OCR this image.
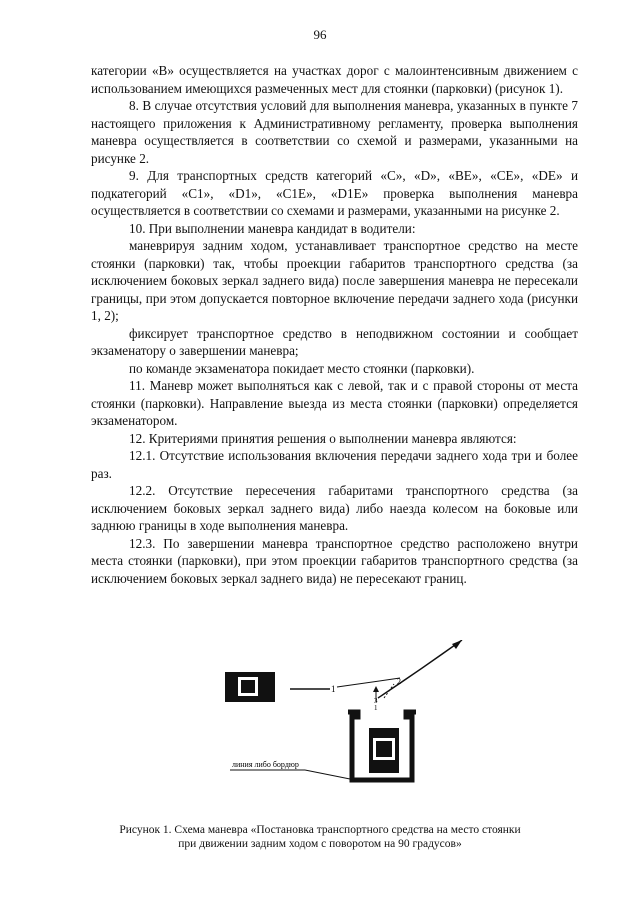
96

категории «B» осуществляется на участках дорог с малоинтенсивным движением с использованием имеющихся размеченных мест для стоянки (парковки) (рисунок 1).

8. В случае отсутствия условий для выполнения маневра, указанных в пункте 7 настоящего приложения к Административному регламенту, проверка выполнения маневра осуществляется в соответствии со схемой и размерами, указанными на рисунке 2.

9. Для транспортных средств категорий «C», «D», «BE», «CE», «DE» и подкатегорий «C1», «D1», «C1E», «D1E» проверка выполнения маневра осуществляется в соответствии со схемами и размерами, указанными на рисунке 2.

10. При выполнении маневра кандидат в водители:

маневрируя задним ходом, устанавливает транспортное средство на месте стоянки (парковки) так, чтобы проекции габаритов транспортного средства (за исключением боковых зеркал заднего вида) после завершения маневра не пересекали границы, при этом допускается повторное включение передачи заднего хода (рисунки 1, 2);

фиксирует транспортное средство в неподвижном состоянии и сообщает экзаменатору о завершении маневра;

по команде экзаменатора покидает место стоянки (парковки).

11. Маневр может выполняться как с левой, так и с правой стороны от места стоянки (парковки). Направление выезда из места стоянки (парковки) определяется экзаменатором.

12. Критериями принятия решения о выполнении маневра являются:

12.1. Отсутствие использования включения передачи заднего хода три и более раз.

12.2. Отсутствие пересечения габаритами транспортного средства (за исключением боковых зеркал заднего вида) либо наезда колесом на боковые или заднюю границы в ходе выполнения маневра.

12.3. По завершении маневра транспортное средство расположено внутри места стоянки (парковки), при этом проекции габаритов транспортного средства (за исключением боковых зеркал заднего вида) не пересекают границ.

1
2
3
1
линия либо бордюр
Рисунок 1. Схема маневра «Постановка транспортного средства на место стоянки
при движении задним ходом с поворотом на 90 градусов»
